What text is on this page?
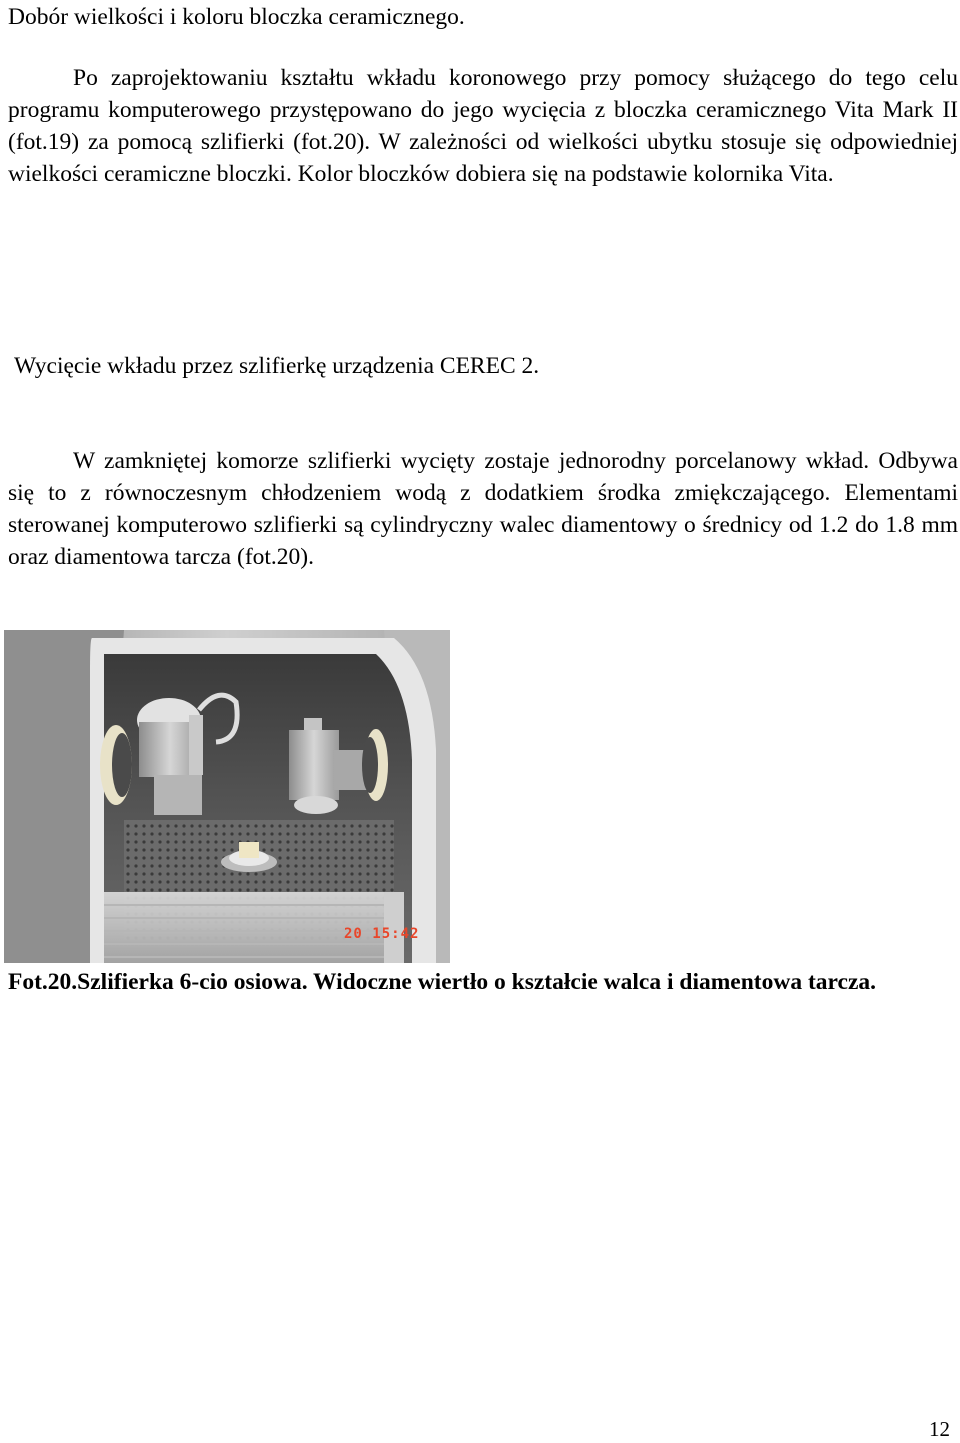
Dobór wielkości i koloru bloczka ceramicznego.

Po zaprojektowaniu kształtu wkładu koronowego przy pomocy służącego do tego celu programu komputerowego przystępowano do jego wycięcia z bloczka ceramicznego Vita Mark II (fot.19) za pomocą szlifierki (fot.20). W zależności od wielkości ubytku stosuje się odpowiedniej wielkości ceramiczne bloczki. Kolor bloczków dobiera się na podstawie kolornika Vita.

Wycięcie wkładu przez szlifierkę urządzenia CEREC 2.

W zamkniętej komorze szlifierki wycięty zostaje jednorodny porcelanowy wkład. Odbywa się to z równoczesnym chłodzeniem wodą z dodatkiem środka zmiękczającego. Elementami sterowanej komputerowo szlifierki są cylindryczny walec diamentowy o średnicy od 1.2 do 1.8 mm oraz diamentowa tarcza (fot.20).

20 15:42

Fot.20.Szlifierka 6-cio osiowa. Widoczne wiertło o kształcie walca i diamentowa tarcza.

12
